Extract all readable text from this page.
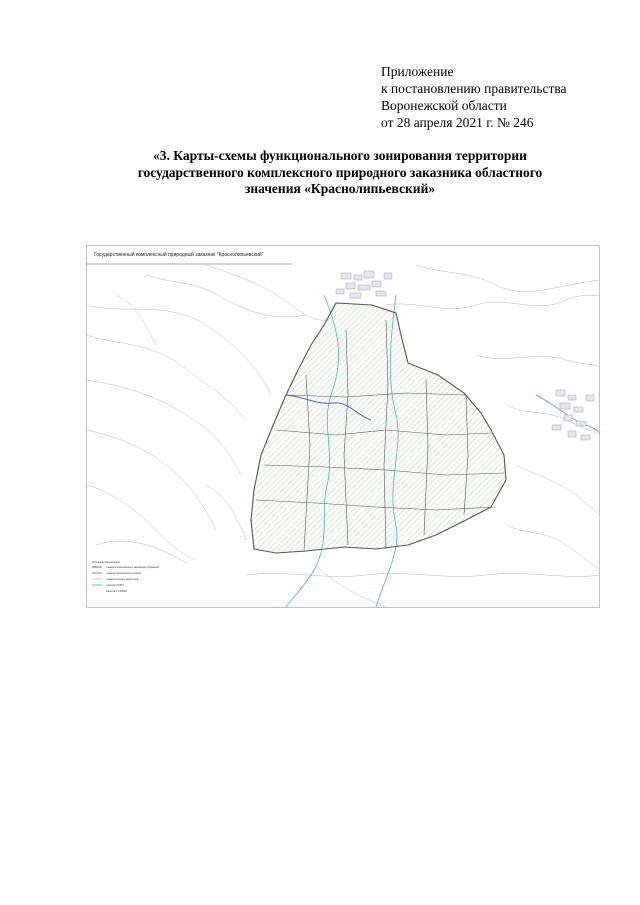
Приложение
к постановлению правительства
Воронежской области
от 28 апреля 2021 г. № 246
«3. Карты-схемы функционального зонирования территории
государственного комплексного природного заказника областного
значения «Краснолипьевский»
Государственный комплексный природный заказник "Краснолипьевский"
Условные обозначения
граница комплексного заказника (охранная)
граница населённых пунктов
граница лесных кварталов
граница ООПТ
масштаб 1:50000
